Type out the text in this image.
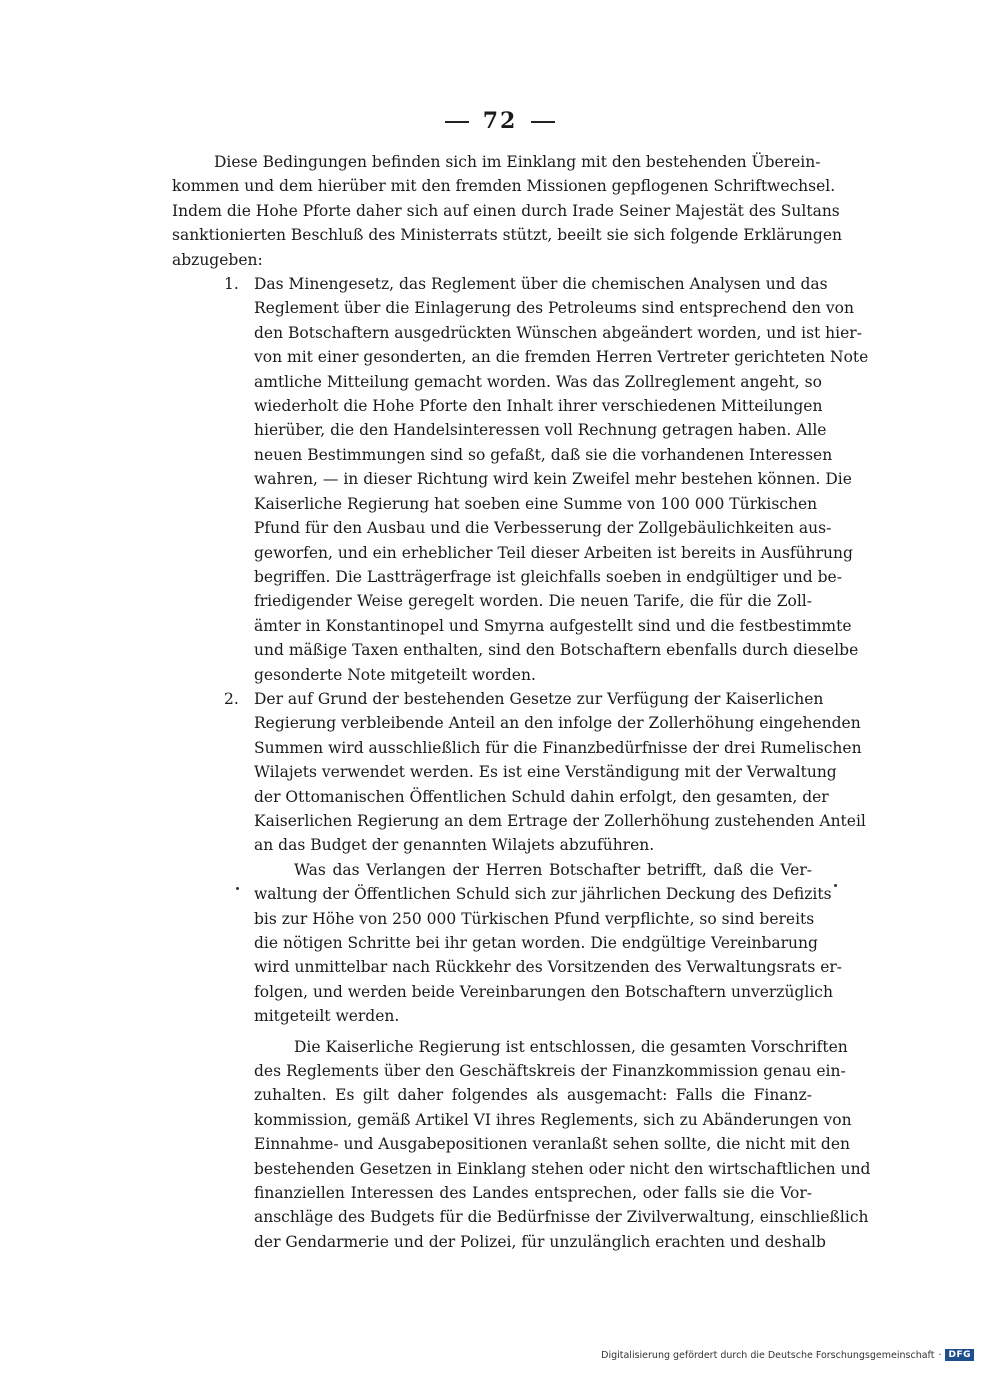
72
Diese Bedingungen befinden sich im Einklang mit den bestehenden Überein-
kommen und dem hierüber mit den fremden Missionen gepflogenen Schriftwechsel.
Indem die Hohe Pforte daher sich auf einen durch Irade Seiner Majestät des Sultans
sanktionierten Beschluß des Ministerrats stützt, beeilt sie sich folgende Erklärungen
abzugeben:
1. Das Minengesetz, das Reglement über die chemischen Analysen und das
Reglement über die Einlagerung des Petroleums sind entsprechend den von
den Botschaftern ausgedrückten Wünschen abgeändert worden, und ist hier-
von mit einer gesonderten, an die fremden Herren Vertreter gerichteten Note
amtliche Mitteilung gemacht worden. Was das Zollreglement angeht, so
wiederholt die Hohe Pforte den Inhalt ihrer verschiedenen Mitteilungen
hierüber, die den Handelsinteressen voll Rechnung getragen haben. Alle
neuen Bestimmungen sind so gefaßt, daß sie die vorhandenen Interessen
wahren, — in dieser Richtung wird kein Zweifel mehr bestehen können. Die
Kaiserliche Regierung hat soeben eine Summe von 100 000 Türkischen
Pfund für den Ausbau und die Verbesserung der Zollgebäulichkeiten aus-
geworfen, und ein erheblicher Teil dieser Arbeiten ist bereits in Ausführung
begriffen. Die Lastträgerfrage ist gleichfalls soeben in endgültiger und be-
friedigender Weise geregelt worden. Die neuen Tarife, die für die Zoll-
ämter in Konstantinopel und Smyrna aufgestellt sind und die festbestimmte
und mäßige Taxen enthalten, sind den Botschaftern ebenfalls durch dieselbe
gesonderte Note mitgeteilt worden.
2. Der auf Grund der bestehenden Gesetze zur Verfügung der Kaiserlichen
Regierung verbleibende Anteil an den infolge der Zollerhöhung eingehenden
Summen wird ausschließlich für die Finanzbedürfnisse der drei Rumelischen
Wilajets verwendet werden. Es ist eine Verständigung mit der Verwaltung
der Ottomanischen Öffentlichen Schuld dahin erfolgt, den gesamten, der
Kaiserlichen Regierung an dem Ertrage der Zollerhöhung zustehenden Anteil
an das Budget der genannten Wilajets abzuführen.
Was das Verlangen der Herren Botschafter betrifft, daß die Ver-
waltung der Öffentlichen Schuld sich zur jährlichen Deckung des Defizits
bis zur Höhe von 250 000 Türkischen Pfund verpflichte, so sind bereits
die nötigen Schritte bei ihr getan worden. Die endgültige Vereinbarung
wird unmittelbar nach Rückkehr des Vorsitzenden des Verwaltungsrats er-
folgen, und werden beide Vereinbarungen den Botschaftern unverzüglich
mitgeteilt werden.
Die Kaiserliche Regierung ist entschlossen, die gesamten Vorschriften
des Reglements über den Geschäftskreis der Finanzkommission genau ein-
zuhalten. Es gilt daher folgendes als ausgemacht: Falls die Finanz-
kommission, gemäß Artikel VI ihres Reglements, sich zu Abänderungen von
Einnahme- und Ausgabepositionen veranlaßt sehen sollte, die nicht mit den
bestehenden Gesetzen in Einklang stehen oder nicht den wirtschaftlichen und
finanziellen Interessen des Landes entsprechen, oder falls sie die Vor-
anschläge des Budgets für die Bedürfnisse der Zivilverwaltung, einschließlich
der Gendarmerie und der Polizei, für unzulänglich erachten und deshalb
Digitalisierung gefördert durch die Deutsche Forschungsgemeinschaft · DFG
